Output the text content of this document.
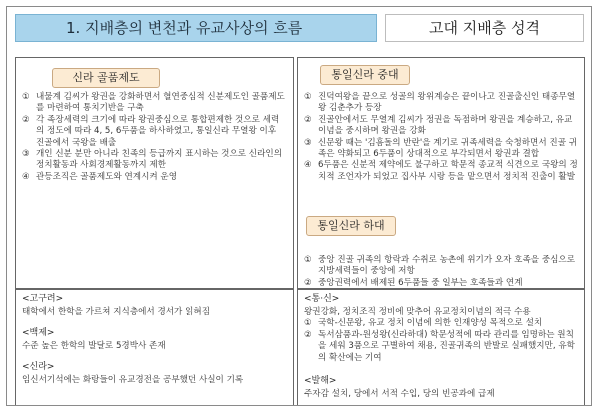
1. 지배층의 변천과 유교사상의 흐름	고대 지배층 성격
신라 골품제도
① 내물계 김씨가 왕권을 강화하면서 혈연중심적 신분제도인 골품제도를 마련하여 통치기반을 구축
② 각 족장세력의 크기에 따라 왕권중심으로 통합편제한 것으로 세력의 정도에 따라 4, 5, 6두품을 하사하였고, 통일신라 무열왕 이후 진골에서 국왕을 배출
③ 개인 신분 분만 아니라 친족의 등급까지 표시하는 것으로 신라인의 정치활동과 사회경제활동까지 제한
④ 관등조직은 골품제도와 연계시켜 운영
통일신라 중대
① 진덕여왕을 끝으로 성골의 왕위계승은 끝이나고 진골출신인 태종무열왕 김춘추가 등장
② 진골안에서도 무열계 김씨가 정권을 독점하며 왕권을 계승하고, 유교이념을 중시하며 왕권을 강화
③ 신문왕 때는 '김흠돌의 반란'을 계기로 귀족세력을 숙청하면서 진골 귀족은 약화되고 6두품이 상대적으로 부각되면서 왕권과 결합
④ 6두품은 신분적 제약에도 불구하고 학문적 종교적 식견으로 국왕의 정치적 조언자가 되었고 집사부 시랑 등을 맡으면서 정치적 진출이 활발
통일신라 하대
① 중앙 진골 귀족의 항락과 수취로 농촌에 위기가 오자 호족을 중심으로 지방세력들이 중앙에 저항
② 중앙권력에서 배제된 6두품들 중 일부는 호족들과 연계

<고구려>

태학에서 한학을 가르쳐 지식층에서 경서가 읽혀짐

<백제>

수준 높은 한학의 발달로 5경박사 존재

<신라>

임신서기석에는 화랑들이 유교경전을 공부했던 사실이 기록

<통·신>

왕권강화, 정치조직 정비에 맞추어 유교정치이념의 적극 수용

① 국학-신문왕, 유교 정치 이념에 의한 인재양성 목적으로 설치
② 독서삼품과-원성왕(신라하대) 학문성적에 따라 관리를 임명하는 원칙을 세워 3품으로 구별하여 채용, 진골귀족의 반발로 실패했지만, 유학의 확산에는 기여

<발해>

주자감 설치, 당에서 서적 수입, 당의 빈공과에 급제
